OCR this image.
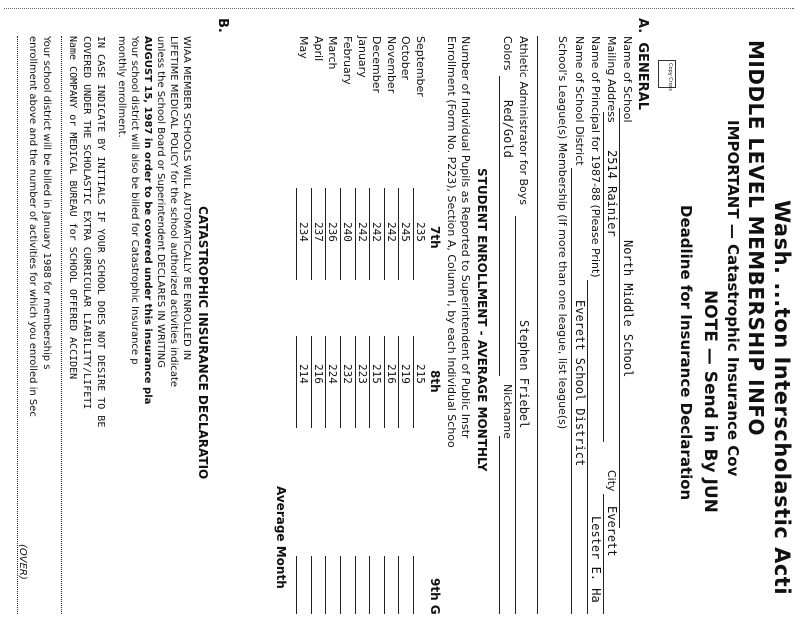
Wash. ...ton Interscholastic Acti
MIDDLE LEVEL MEMBERSHIP INFO
IMPORTANT — Catastrophic Insurance Cov
NOTE — Send in By JUN
Deadline for Insurance Declaration
Copy Cross
A.  GENERAL
Name of School
North Middle School
Mailing Address
2514 Rainier
City
Everett
Name of Principal for 1987-88 (Please Print)
Lester E. Ha
Name of School District
Everett School District
School's League(s) Membership (If more than one league, list league(s)
Athletic Administrator for Boys
Stephen Friebel
Colors
Red/Gold
Nickname
STUDENT ENROLLMENT - AVERAGE MONTHLY
Number of Individual Pupils as Reported to Superintendent of Public Instr
Enrollment (Form No. P223), Section A, Column I, by each Individual Schoo
7th
8th
9th G
September
235
215
October
245
219
November
242
216
December
242
215
January
242
223
February
240
232
March
236
224
April
237
216
May
234
214
Average Month
B.
CATASTROPHIC INSURANCE DECLARATIO
WIAA MEMBER SCHOOLS WILL AUTOMATICALLY BE ENROLLED IN
LIFETIME MEDICAL POLICY for the school authorized activities indicate
unless the School Board or Superintendent DECLARES IN WRITING
AUGUST 15, 1987 in order to be covered under this insurance pla
Your school district will also be billed for Catastrophic Insurance p
monthly enrollment.
IN CASE INDICATE BY INITIALS IF YOUR SCHOOL DOES NOT DESIRE TO BE
COVERED UNDER THE SCHOLASTIC EXTRA CURRICULAR LIABILITY/LIFETI
Name COMPANY or MEDICAL BUREAU for SCHOOL OFFERED ACCIDEN
Your school district will be billed in January 1988 for membership s
enrollment above and the number of activities for which you enrolled in Sec
(OVER)
